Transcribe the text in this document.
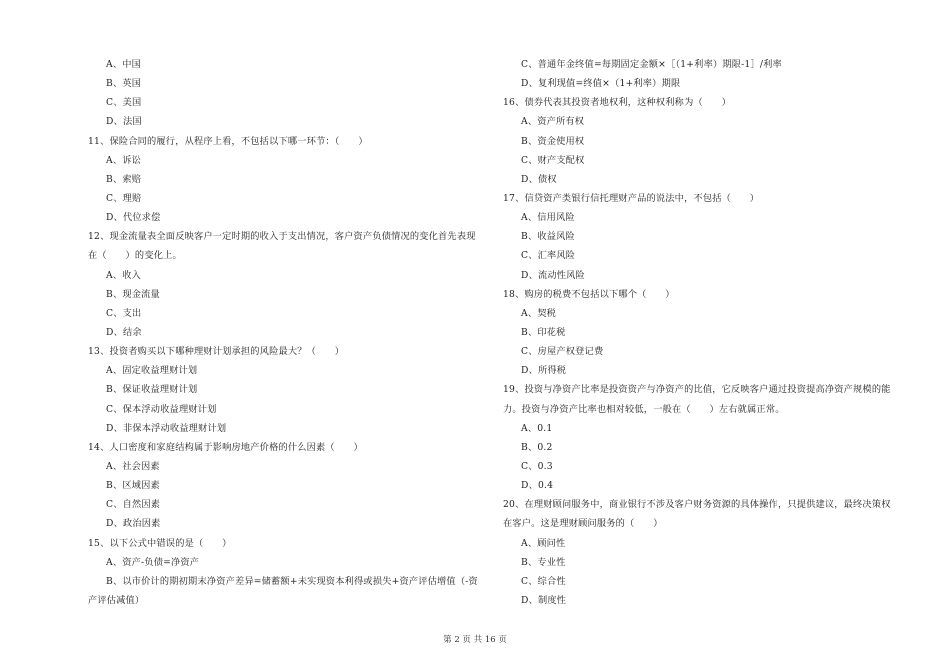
A、中国
B、英国
C、美国
D、法国
11、保险合同的履行，从程序上看，不包括以下哪一环节：（　　）
A、诉讼
B、索赔
C、理赔
D、代位求偿
12、现金流量表全面反映客户一定时期的收入于支出情况，客户资产负债情况的变化首先表现
在（　　）的变化上。
A、收入
B、现金流量
C、支出
D、结余
13、投资者购买以下哪种理财计划承担的风险最大？（　　）
A、固定收益理财计划
B、保证收益理财计划
C、保本浮动收益理财计划
D、非保本浮动收益理财计划
14、人口密度和家庭结构属于影响房地产价格的什么因素（　　）
A、社会因素
B、区域因素
C、自然因素
D、政治因素
15、以下公式中错误的是（　　）
A、资产-负债=净资产
B、以市价计的期初期末净资产差异=储蓄额+未实现资本利得或损失+资产评估增值（-资
产评估减值）
C、普通年金终值=每期固定金额×［（1+利率）期限-1］/利率
D、复利现值=终值×（1+利率）期限
16、债券代表其投资者地权利，这种权利称为（　　）
A、资产所有权
B、资金使用权
C、财产支配权
D、债权
17、信贷资产类银行信托理财产品的说法中，不包括（　　）
A、信用风险
B、收益风险
C、汇率风险
D、流动性风险
18、购房的税费不包括以下哪个（　　）
A、契税
B、印花税
C、房屋产权登记费
D、所得税
19、投资与净资产比率是投资资产与净资产的比值，它反映客户通过投资提高净资产规模的能
力。投资与净资产比率也相对较低，一般在（　　）左右就属正常。
A、0.1
B、0.2
C、0.3
D、0.4
20、在理财顾问服务中，商业银行不涉及客户财务资源的具体操作，只提供建议，最终决策权
在客户。这是理财顾问服务的（　　）
A、顾问性
B、专业性
C、综合性
D、制度性
第 2 页 共 16 页
